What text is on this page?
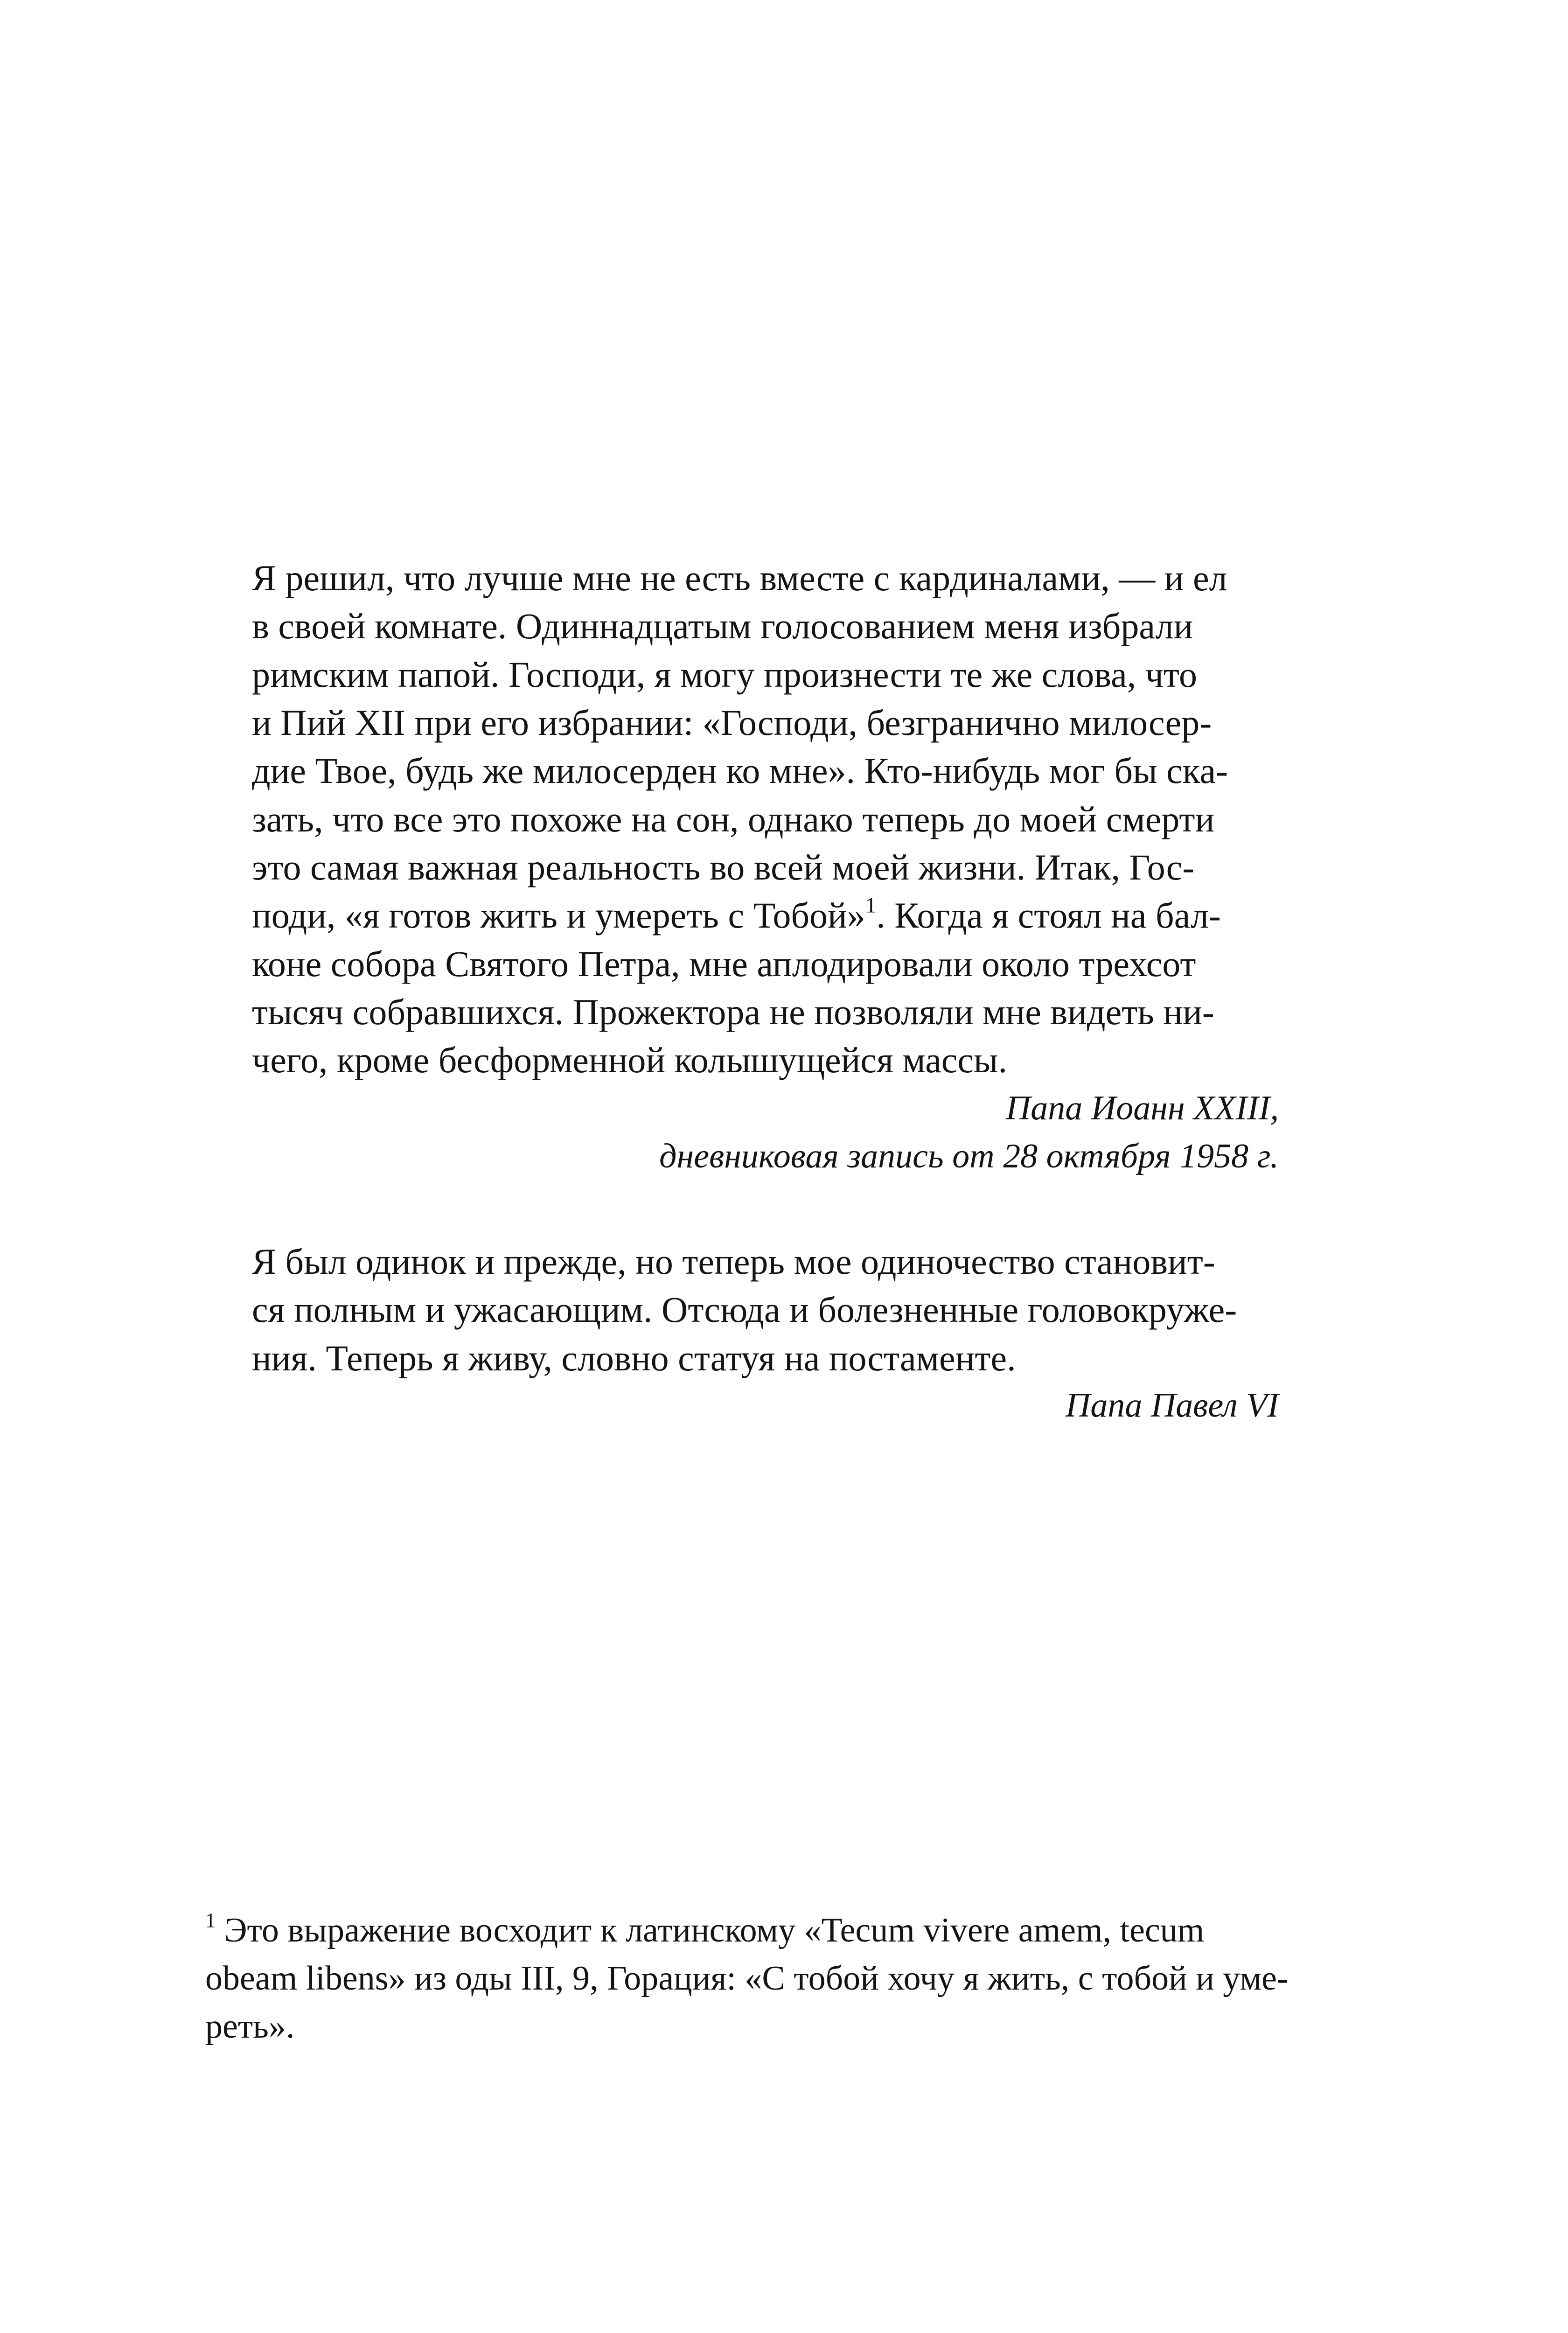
Я решил, что лучше мне не есть вместе с кардиналами, — и ел
в своей комнате. Одиннадцатым голосованием меня избрали
римским папой. Господи, я могу произнести те же слова, что
и Пий XII при его избрании: «Господи, безгранично милосер-
дие Твое, будь же милосерден ко мне». Кто-нибудь мог бы ска-
зать, что все это похоже на сон, однако теперь до моей смерти
это самая важная реальность во всей моей жизни. Итак, Гос-
поди, «я готов жить и умереть с Тобой»$^1$. Когда я стоял на бал-
коне собора Святого Петра, мне аплодировали около трехсот
тысяч собравшихся. Прожектора не позволяли мне видеть ни-
чего, кроме бесформенной колышущейся массы.
Папа Иоанн XXIII,
дневниковая запись от 28 октября 1958 г.
Я был одинок и прежде, но теперь мое одиночество становит-
ся полным и ужасающим. Отсюда и болезненные головокруже-
ния. Теперь я живу, словно статуя на постаменте.
Папа Павел VI
$^1$ Это выражение восходит к латинскому «Tecum vivere amem, tecum
obeam libens» из оды III, 9, Горация: «С тобой хочу я жить, с тобой и уме-
реть».
